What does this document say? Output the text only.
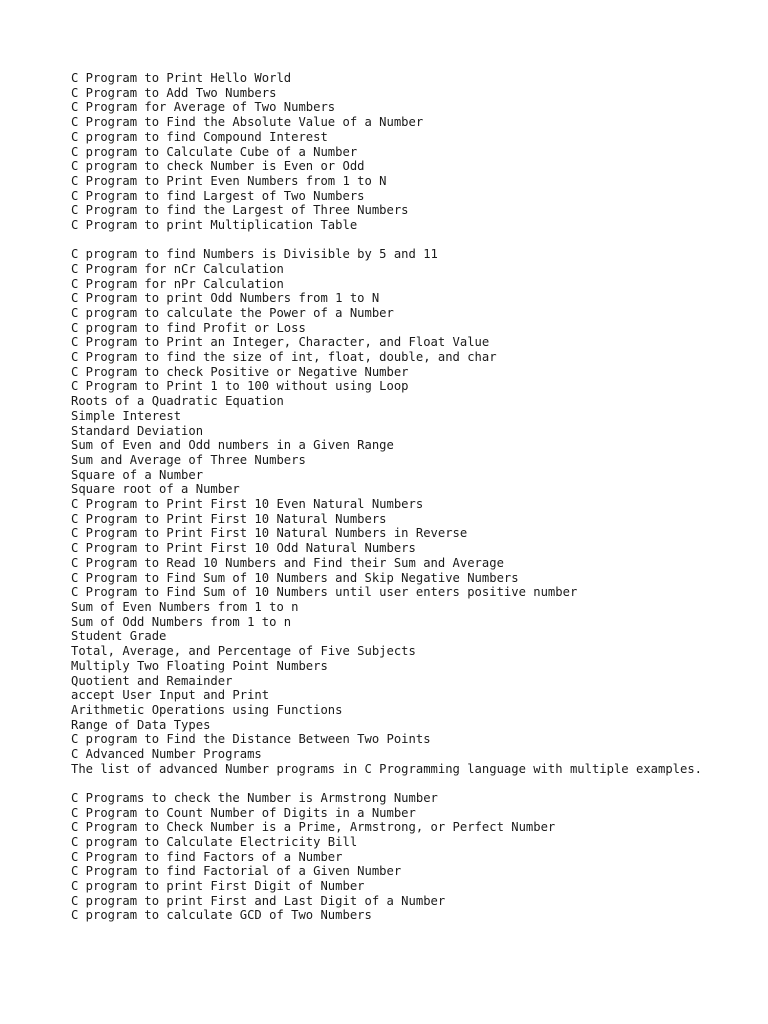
C Program to Print Hello World
C Program to Add Two Numbers
C Program for Average of Two Numbers
C Program to Find the Absolute Value of a Number
C program to find Compound Interest
C program to Calculate Cube of a Number
C program to check Number is Even or Odd
C Program to Print Even Numbers from 1 to N
C Program to find Largest of Two Numbers
C Program to find the Largest of Three Numbers
C Program to print Multiplication Table
C program to find Numbers is Divisible by 5 and 11
C Program for nCr Calculation
C Program for nPr Calculation
C Program to print Odd Numbers from 1 to N
C program to calculate the Power of a Number
C program to find Profit or Loss
C Program to Print an Integer, Character, and Float Value
C Program to find the size of int, float, double, and char
C Program to check Positive or Negative Number
C Program to Print 1 to 100 without using Loop
Roots of a Quadratic Equation
Simple Interest
Standard Deviation
Sum of Even and Odd numbers in a Given Range
Sum and Average of Three Numbers
Square of a Number
Square root of a Number
C Program to Print First 10 Even Natural Numbers
C Program to Print First 10 Natural Numbers
C Program to Print First 10 Natural Numbers in Reverse
C Program to Print First 10 Odd Natural Numbers
C Program to Read 10 Numbers and Find their Sum and Average
C Program to Find Sum of 10 Numbers and Skip Negative Numbers
C Program to Find Sum of 10 Numbers until user enters positive number
Sum of Even Numbers from 1 to n
Sum of Odd Numbers from 1 to n
Student Grade
Total, Average, and Percentage of Five Subjects
Multiply Two Floating Point Numbers
Quotient and Remainder
accept User Input and Print
Arithmetic Operations using Functions
Range of Data Types
C program to Find the Distance Between Two Points
C Advanced Number Programs
The list of advanced Number programs in C Programming language with multiple examples.
C Programs to check the Number is Armstrong Number
C Program to Count Number of Digits in a Number
C Program to Check Number is a Prime, Armstrong, or Perfect Number
C program to Calculate Electricity Bill
C Program to find Factors of a Number
C Program to find Factorial of a Given Number
C program to print First Digit of Number
C program to print First and Last Digit of a Number
C program to calculate GCD of Two Numbers
